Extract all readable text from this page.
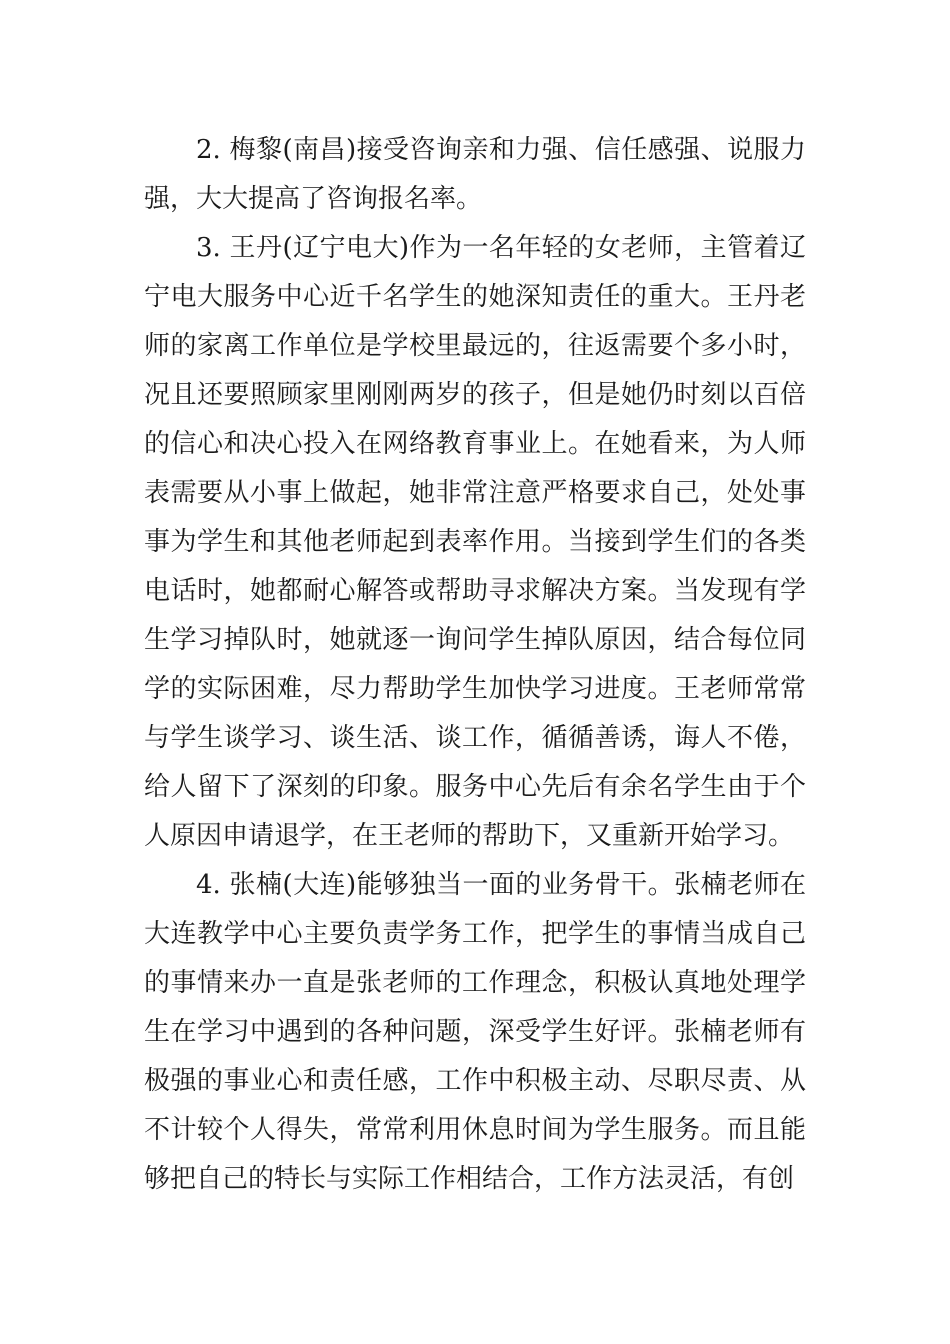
2. 梅黎(南昌)接受咨询亲和力强、信任感强、说服力强，大大提高了咨询报名率。

3. 王丹(辽宁电大)作为一名年轻的女老师，主管着辽宁电大服务中心近千名学生的她深知责任的重大。王丹老师的家离工作单位是学校里最远的，往返需要个多小时，况且还要照顾家里刚刚两岁的孩子，但是她仍时刻以百倍的信心和决心投入在网络教育事业上。在她看来，为人师表需要从小事上做起，她非常注意严格要求自己，处处事事为学生和其他老师起到表率作用。当接到学生们的各类电话时，她都耐心解答或帮助寻求解决方案。当发现有学生学习掉队时，她就逐一询问学生掉队原因，结合每位同学的实际困难，尽力帮助学生加快学习进度。王老师常常与学生谈学习、谈生活、谈工作，循循善诱，诲人不倦，给人留下了深刻的印象。服务中心先后有余名学生由于个人原因申请退学，在王老师的帮助下，又重新开始学习。

4. 张楠(大连)能够独当一面的业务骨干。张楠老师在大连教学中心主要负责学务工作，把学生的事情当成自己的事情来办一直是张老师的工作理念，积极认真地处理学生在学习中遇到的各种问题，深受学生好评。张楠老师有极强的事业心和责任感，工作中积极主动、尽职尽责、从不计较个人得失，常常利用休息时间为学生服务。而且能够把自己的特长与实际工作相结合，工作方法灵活，有创
